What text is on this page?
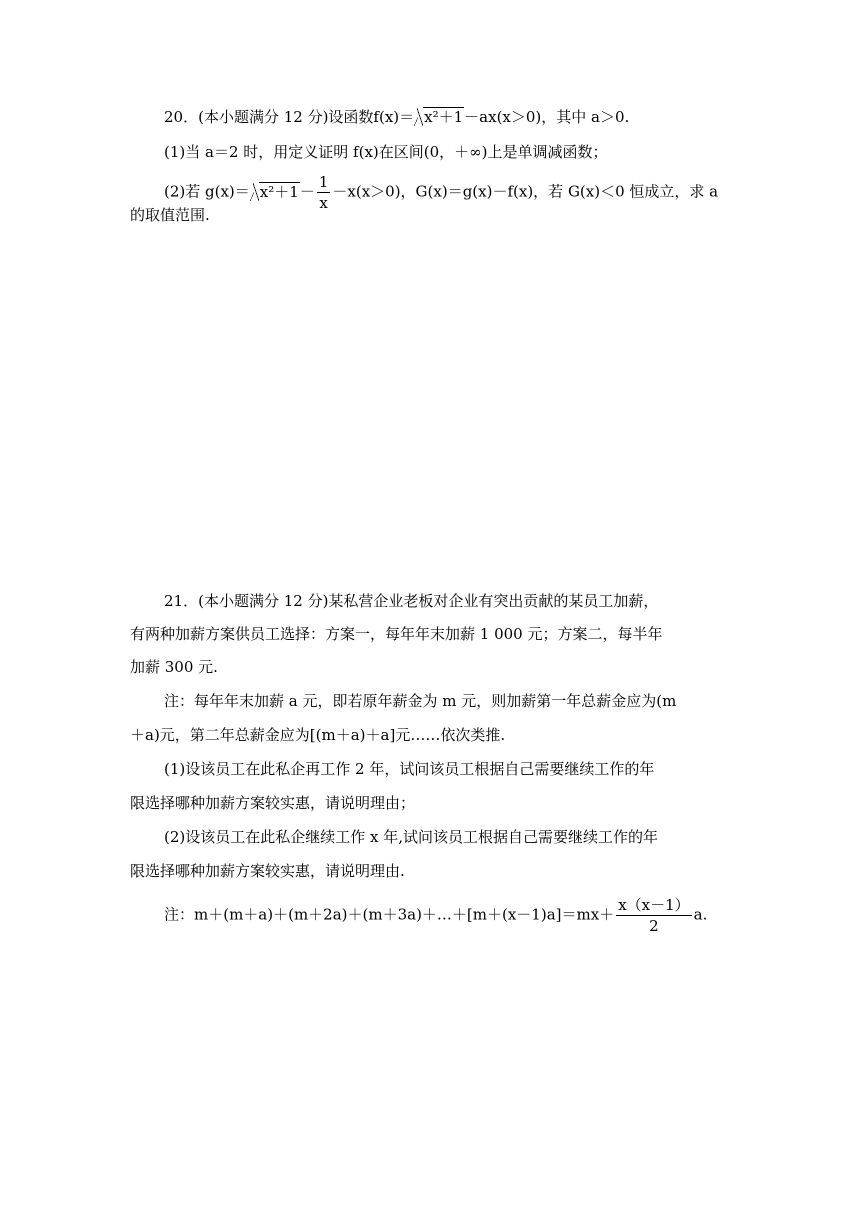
20．(本小题满分 12 分)设函数f(x)＝ x²＋1－ax(x＞0)，其中 a＞0.
(1)当 a＝2 时，用定义证明 f(x)在区间(0，＋∞)上是单调减函数；
(2)若 $g(x)= x^2+1- \frac{1}{x} -x(x>0)$，G(x)＝g(x)－f(x)，若 G(x)＜0 恒成立，求 a
的取值范围.
21．(本小题满分 12 分)某私营企业老板对企业有突出贡献的某员工加薪，
有两种加薪方案供员工选择：方案一，每年年末加薪 1 000 元；方案二，每半年
加薪 300 元.
注：每年年末加薪 a 元，即若原年薪金为 m 元，则加薪第一年总薪金应为(m
＋a)元，第二年总薪金应为[(m＋a)＋a]元……依次类推.
(1)设该员工在此私企再工作 2 年，试问该员工根据自己需要继续工作的年
限选择哪种加薪方案较实惠，请说明理由；
(2)设该员工在此私企继续工作 x 年,试问该员工根据自己需要继续工作的年
限选择哪种加薪方案较实惠，请说明理由.
注：m＋(m＋a)＋(m＋2a)＋(m＋3a)＋…＋[m＋(x－1)a]＝mx＋ $\frac{x(x-1)}{2} a$.
